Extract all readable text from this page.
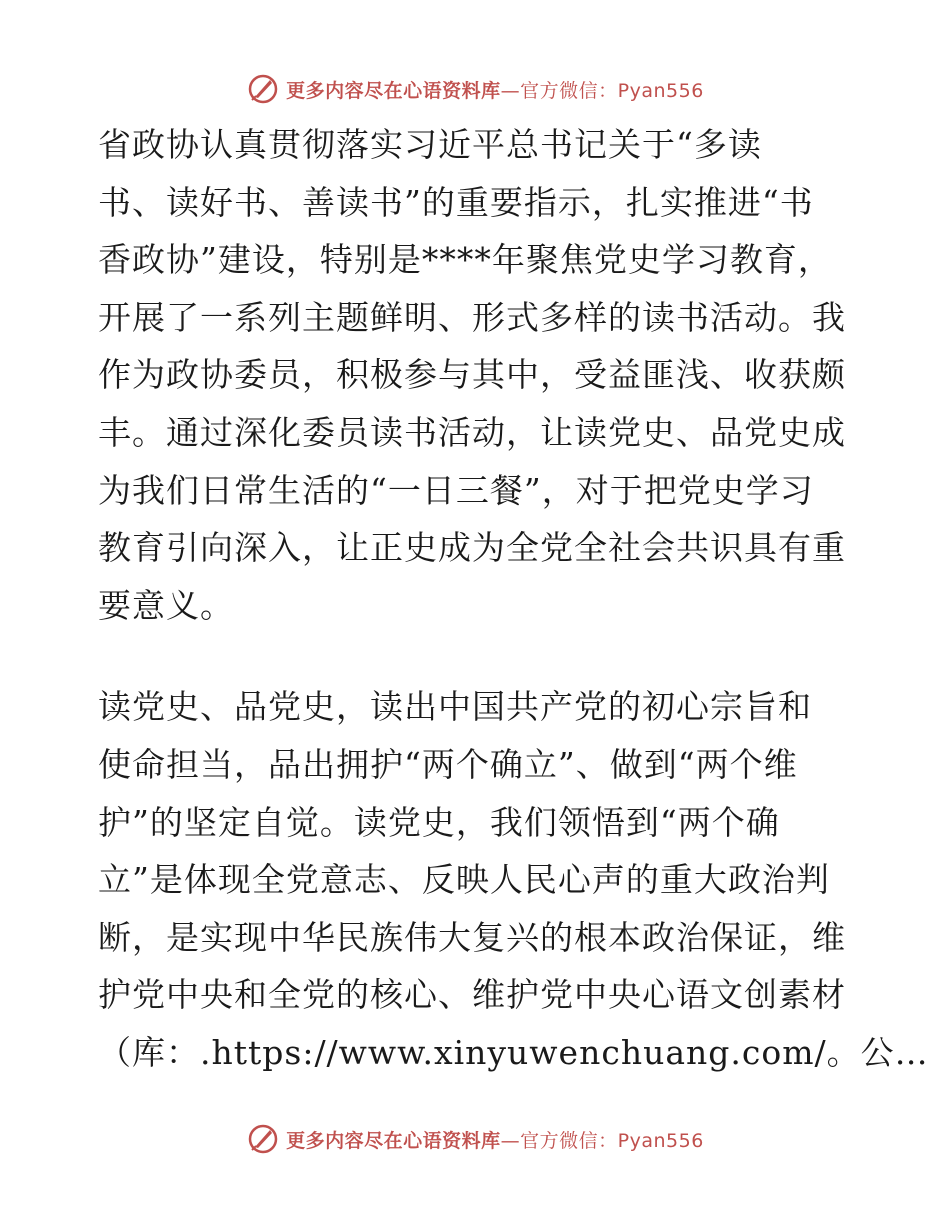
更多内容尽在心语资料库—官方微信：Pyan556

省政协认真贯彻落实习近平总书记关于“多读
书、读好书、善读书”的重要指示，扎实推进“书
香政协”建设，特别是****年聚焦党史学习教育，
开展了一系列主题鲜明、形式多样的读书活动。我
作为政协委员，积极参与其中，受益匪浅、收获颇
丰。通过深化委员读书活动，让读党史、品党史成
为我们日常生活的“一日三餐”，对于把党史学习
教育引向深入，让正史成为全党全社会共识具有重
要意义。

读党史、品党史，读出中国共产党的初心宗旨和
使命担当，品出拥护“两个确立”、做到“两个维
护”的坚定自觉。读党史，我们领悟到“两个确
立”是体现全党意志、反映人民心声的重大政治判
断，是实现中华民族伟大复兴的根本政治保证，维
护党中央和全党的核心、维护党中央心语文创素材
（库：.https://www.xinyuwenchuang.com/。公…

更多内容尽在心语资料库—官方微信：Pyan556
